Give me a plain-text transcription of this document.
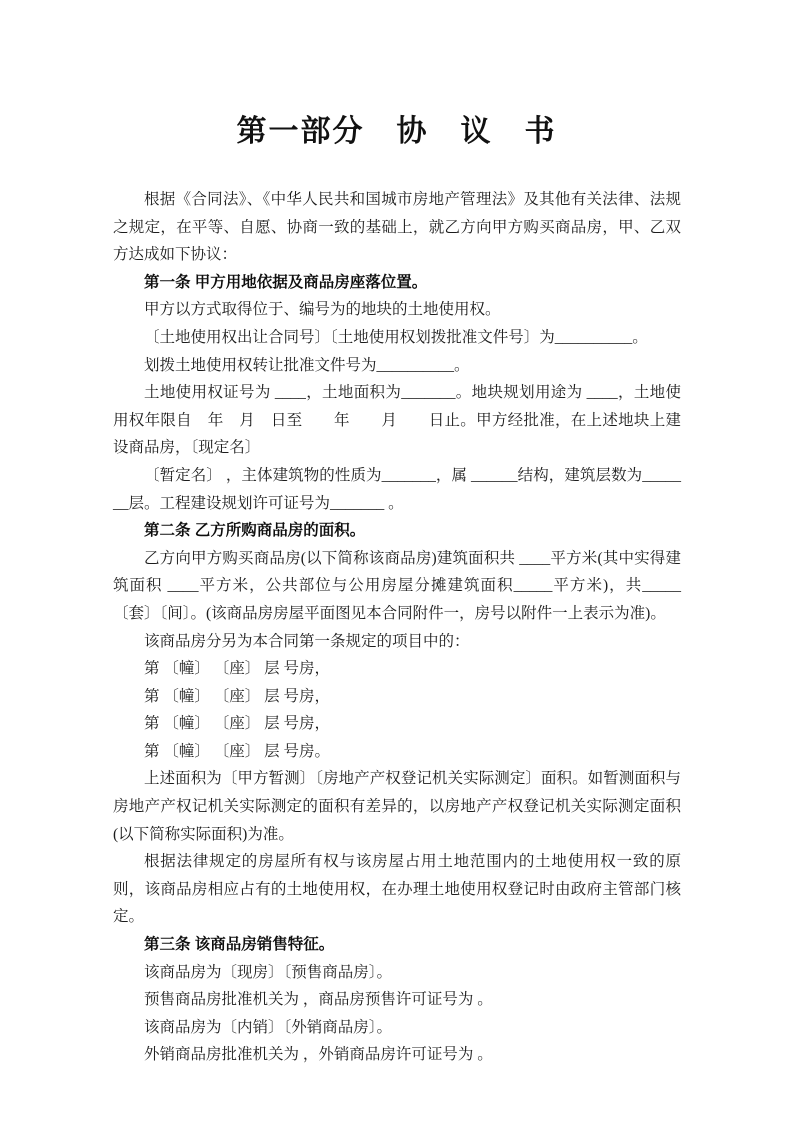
第一部分　协　议　书

根据《合同法》、《中华人民共和国城市房地产管理法》及其他有关法律、法规之规定，在平等、自愿、协商一致的基础上，就乙方向甲方购买商品房，甲、乙双方达成如下协议：

第一条 甲方用地依据及商品房座落位置。

甲方以方式取得位于、编号为的地块的土地使用权。

〔土地使用权出让合同号〕〔土地使用权划拨批准文件号〕为__________。

划拨土地使用权转让批准文件号为__________。

土地使用权证号为 ____，土地面积为_______。地块规划用途为 ____，土地使用权年限自　年　月　日至　　年　　月　　日止。甲方经批准，在上述地块上建设商品房，〔现定名〕

〔暂定名〕 ，主体建筑物的性质为_______，属 ______结构，建筑层数为_______层。工程建设规划许可证号为_______ 。

第二条 乙方所购商品房的面积。

乙方向甲方购买商品房(以下简称该商品房)建筑面积共 ____平方米(其中实得建筑面积 ____平方米，公共部位与公用房屋分摊建筑面积_____平方米)，共_____ 〔套〕〔间〕。(该商品房房屋平面图见本合同附件一，房号以附件一上表示为准)。

该商品房分另为本合同第一条规定的项目中的：

第 〔幢〕 〔座〕 层 号房，

第 〔幢〕 〔座〕 层 号房，

第 〔幢〕 〔座〕 层 号房，

第 〔幢〕 〔座〕 层 号房。

上述面积为〔甲方暂测〕〔房地产产权登记机关实际测定〕面积。如暂测面积与房地产产权记机关实际测定的面积有差异的，以房地产产权登记机关实际测定面积(以下简称实际面积)为准。

根据法律规定的房屋所有权与该房屋占用土地范围内的土地使用权一致的原则，该商品房相应占有的土地使用权，在办理土地使用权登记时由政府主管部门核定。

第三条 该商品房销售特征。

该商品房为〔现房〕〔预售商品房〕。

预售商品房批准机关为 ，商品房预售许可证号为 。

该商品房为〔内销〕〔外销商品房〕。

外销商品房批准机关为 ，外销商品房许可证号为 。
